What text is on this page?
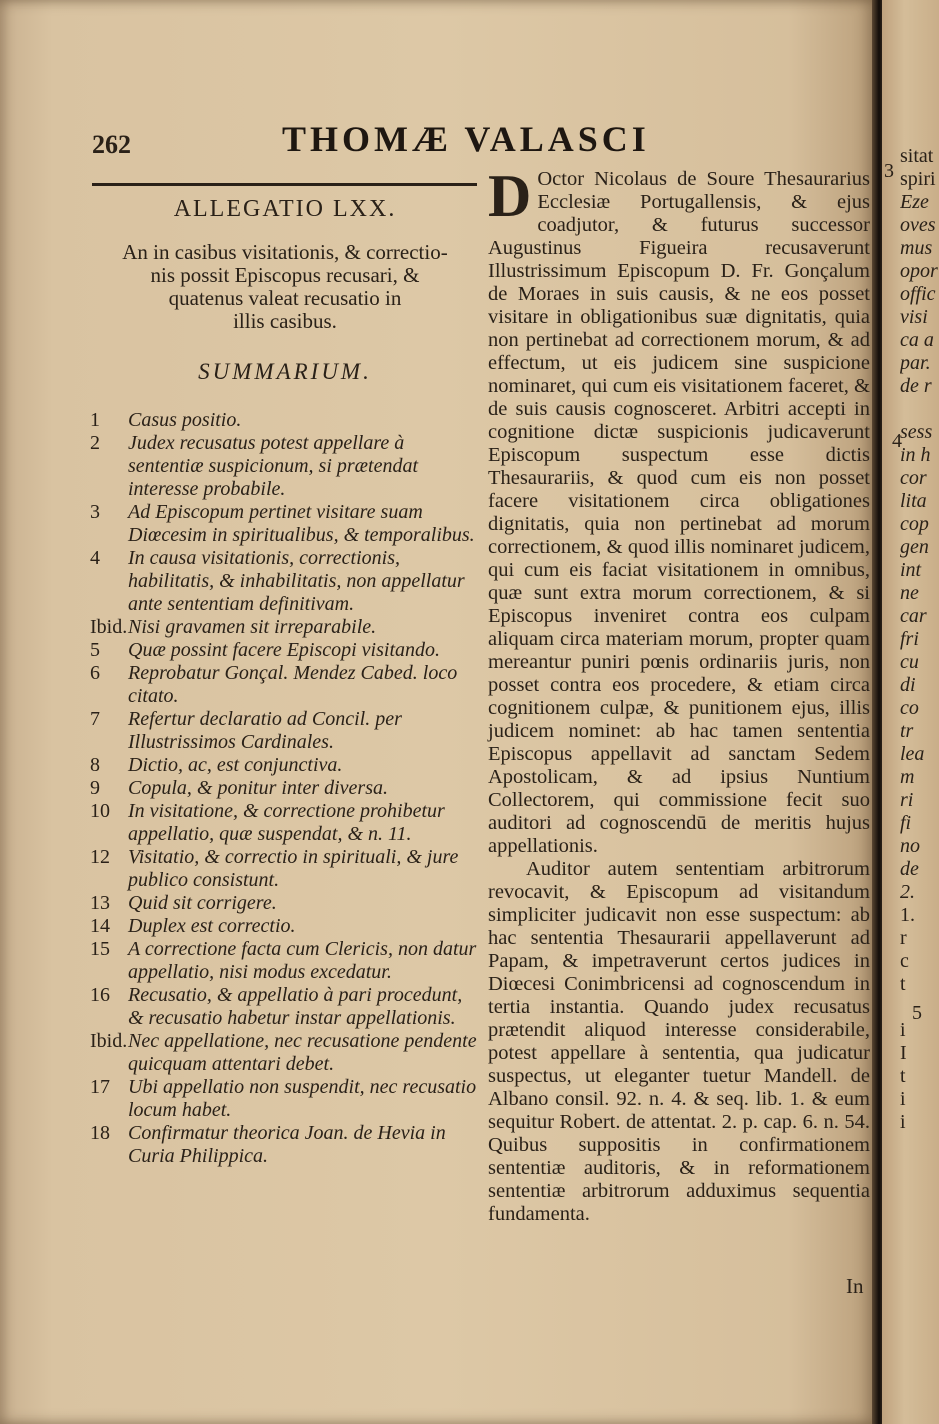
262	THOMÆ VALASCI

ALLEGATIO LXX.

An in casibus visitationis, & correctio-

nis possit Episcopus recusari, &

quatenus valeat recusatio in

illis casibus.

SUMMARIUM.

1	Casus positio.
2	Judex recusatus potest appellare à sententiæ suspicionum, si prætendat interesse probabile.
3	Ad Episcopum pertinet visitare suam Diœcesim in spiritualibus, & temporalibus.
4	In causa visitationis, correctionis, habilitatis, & inhabilitatis, non appellatur ante sententiam definitivam.
Ibid. Nisi gravamen sit irreparabile.
5	Quæ possint facere Episcopi visitando.
6	Reprobatur Gonçal. Mendez Cabed. loco citato.
7	Refertur declaratio ad Concil. per Illustrissimos Cardinales.
8	Dictio, ac, est conjunctiva.
9	Copula, & ponitur inter diversa.
10 In visitatione, & correctione prohibetur appellatio, quæ suspendat, & n. 11.
12 Visitatio, & correctio in spirituali, & jure publico consistunt.
13 Quid sit corrigere.
14 Duplex est correctio.
15 A correctione facta cum Clericis, non datur appellatio, nisi modus excedatur.
16 Recusatio, & appellatio à pari procedunt, & recusatio habetur instar appellationis.
Ibid. Nec appellatione, nec recusatione pendente quicquam attentari debet.
17 Ubi appellatio non suspendit, nec recusatio locum habet.
18 Confirmatur theorica Joan. de Hevia in Curia Philippica.
D Octor Nicolaus de Soure Thesaurarius Ecclesiæ Portugallensis, & ejus coadjutor, & futurus successor Augustinus Figueira recusaverunt Illustrissimum Episcopum D. Fr. Gonçalum de Moraes in suis causis, & ne eos posset visitare in obligationibus suæ dignitatis, quia non pertinebat ad correctionem morum, & ad effectum, ut eis judicem sine suspicione nominaret, qui cum eis visitationem faceret, & de suis causis cognosceret. Arbitri accepti in cognitione dictæ suspicionis judicaverunt Episcopum suspectum esse dictis Thesaurariis, & quod cum eis non posset facere visitationem circa obligationes dignitatis, quia non pertinebat ad morum correctionem, & quod illis nominaret judicem, qui cum eis faciat visitationem in omnibus, quæ sunt extra morum correctionem, & si Episcopus inveniret contra eos culpam aliquam circa materiam morum, propter quam mereantur puniri pœnis ordinariis juris, non posset contra eos procedere, & etiam circa cognitionem culpæ, & punitionem ejus, illis judicem nominet: ab hac tamen sententia Episcopus appellavit ad sanctam Sedem Apostolicam, & ad ipsius Nuntium Collectorem, qui commissione fecit suo auditori ad cognoscendū de meritis hujus appellationis.
Auditor autem sententiam arbitrorum revocavit, & Episcopum ad visitandum simpliciter judicavit non esse suspectum: ab hac sententia Thesaurarii appellaverunt ad Papam, & impetraverunt certos judices in Diœcesi Conimbricensi ad cognoscendum in tertia instantia. Quando judex recusatus prætendit aliquod interesse considerabile, potest appellare à sententia, qua judicatur suspectus, ut eleganter tuetur Mandell. de Albano consil. 92. n. 4. & seq. lib. 1. & eum sequitur Robert. de attentat. 2. p. cap. 6. n. 54. Quibus suppositis in confirmationem sententiæ auditoris, & in reformationem sententiæ arbitrorum adduximus sequentia fundamenta.
In
sitat
spiri
Eze
oves
mus
opor
offic
visi
ca a
par.
de r

sess
in h
cor
lita
cop
gen
int
ne
car
fri
cu
di
co
tr
lea
m
ri
fi
no
de
2.
1.
r
c
t

i
I
t
i
i
3
4
5
